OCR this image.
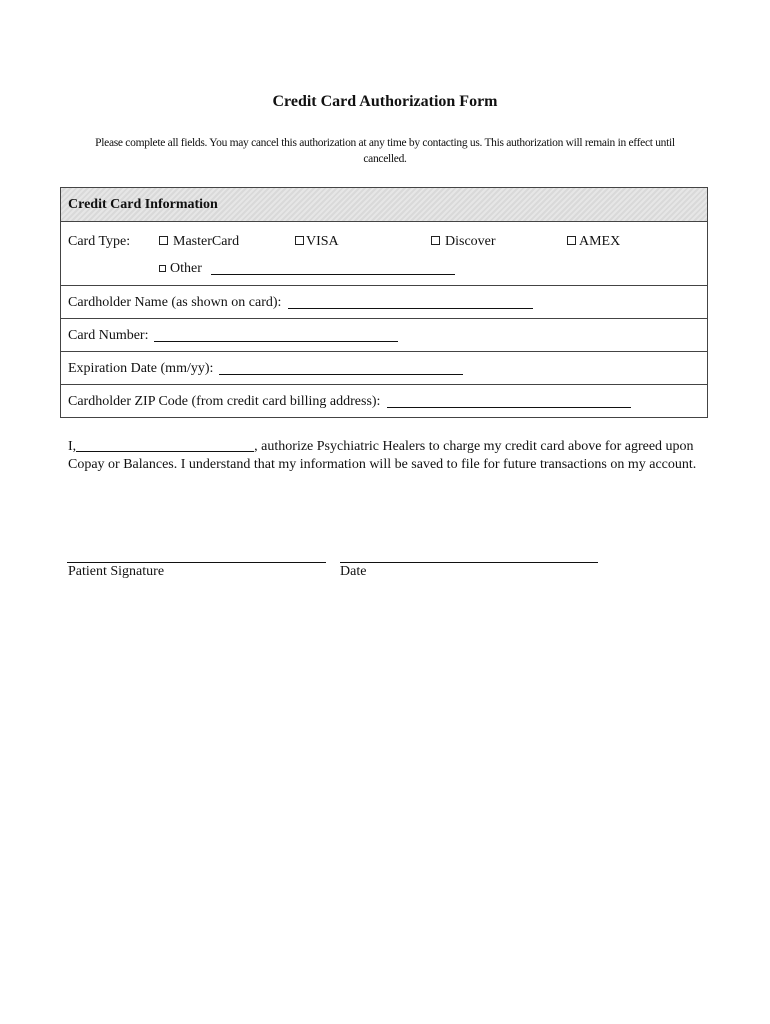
Credit Card Authorization Form
Please complete all fields. You may cancel this authorization at any time by contacting us. This authorization will remain in effect until cancelled.
Credit Card Information
Card Type:	MasterCard	VISA	Discover	AMEX
Other
Cardholder Name (as shown on card):
Card Number:
Expiration Date (mm/yy):
Cardholder ZIP Code (from credit card billing address):
I,	, authorize Psychiatric Healers to charge my credit card above for agreed upon Copay or Balances. I understand that my information will be saved to file for future transactions on my account.
Patient Signature	Date
